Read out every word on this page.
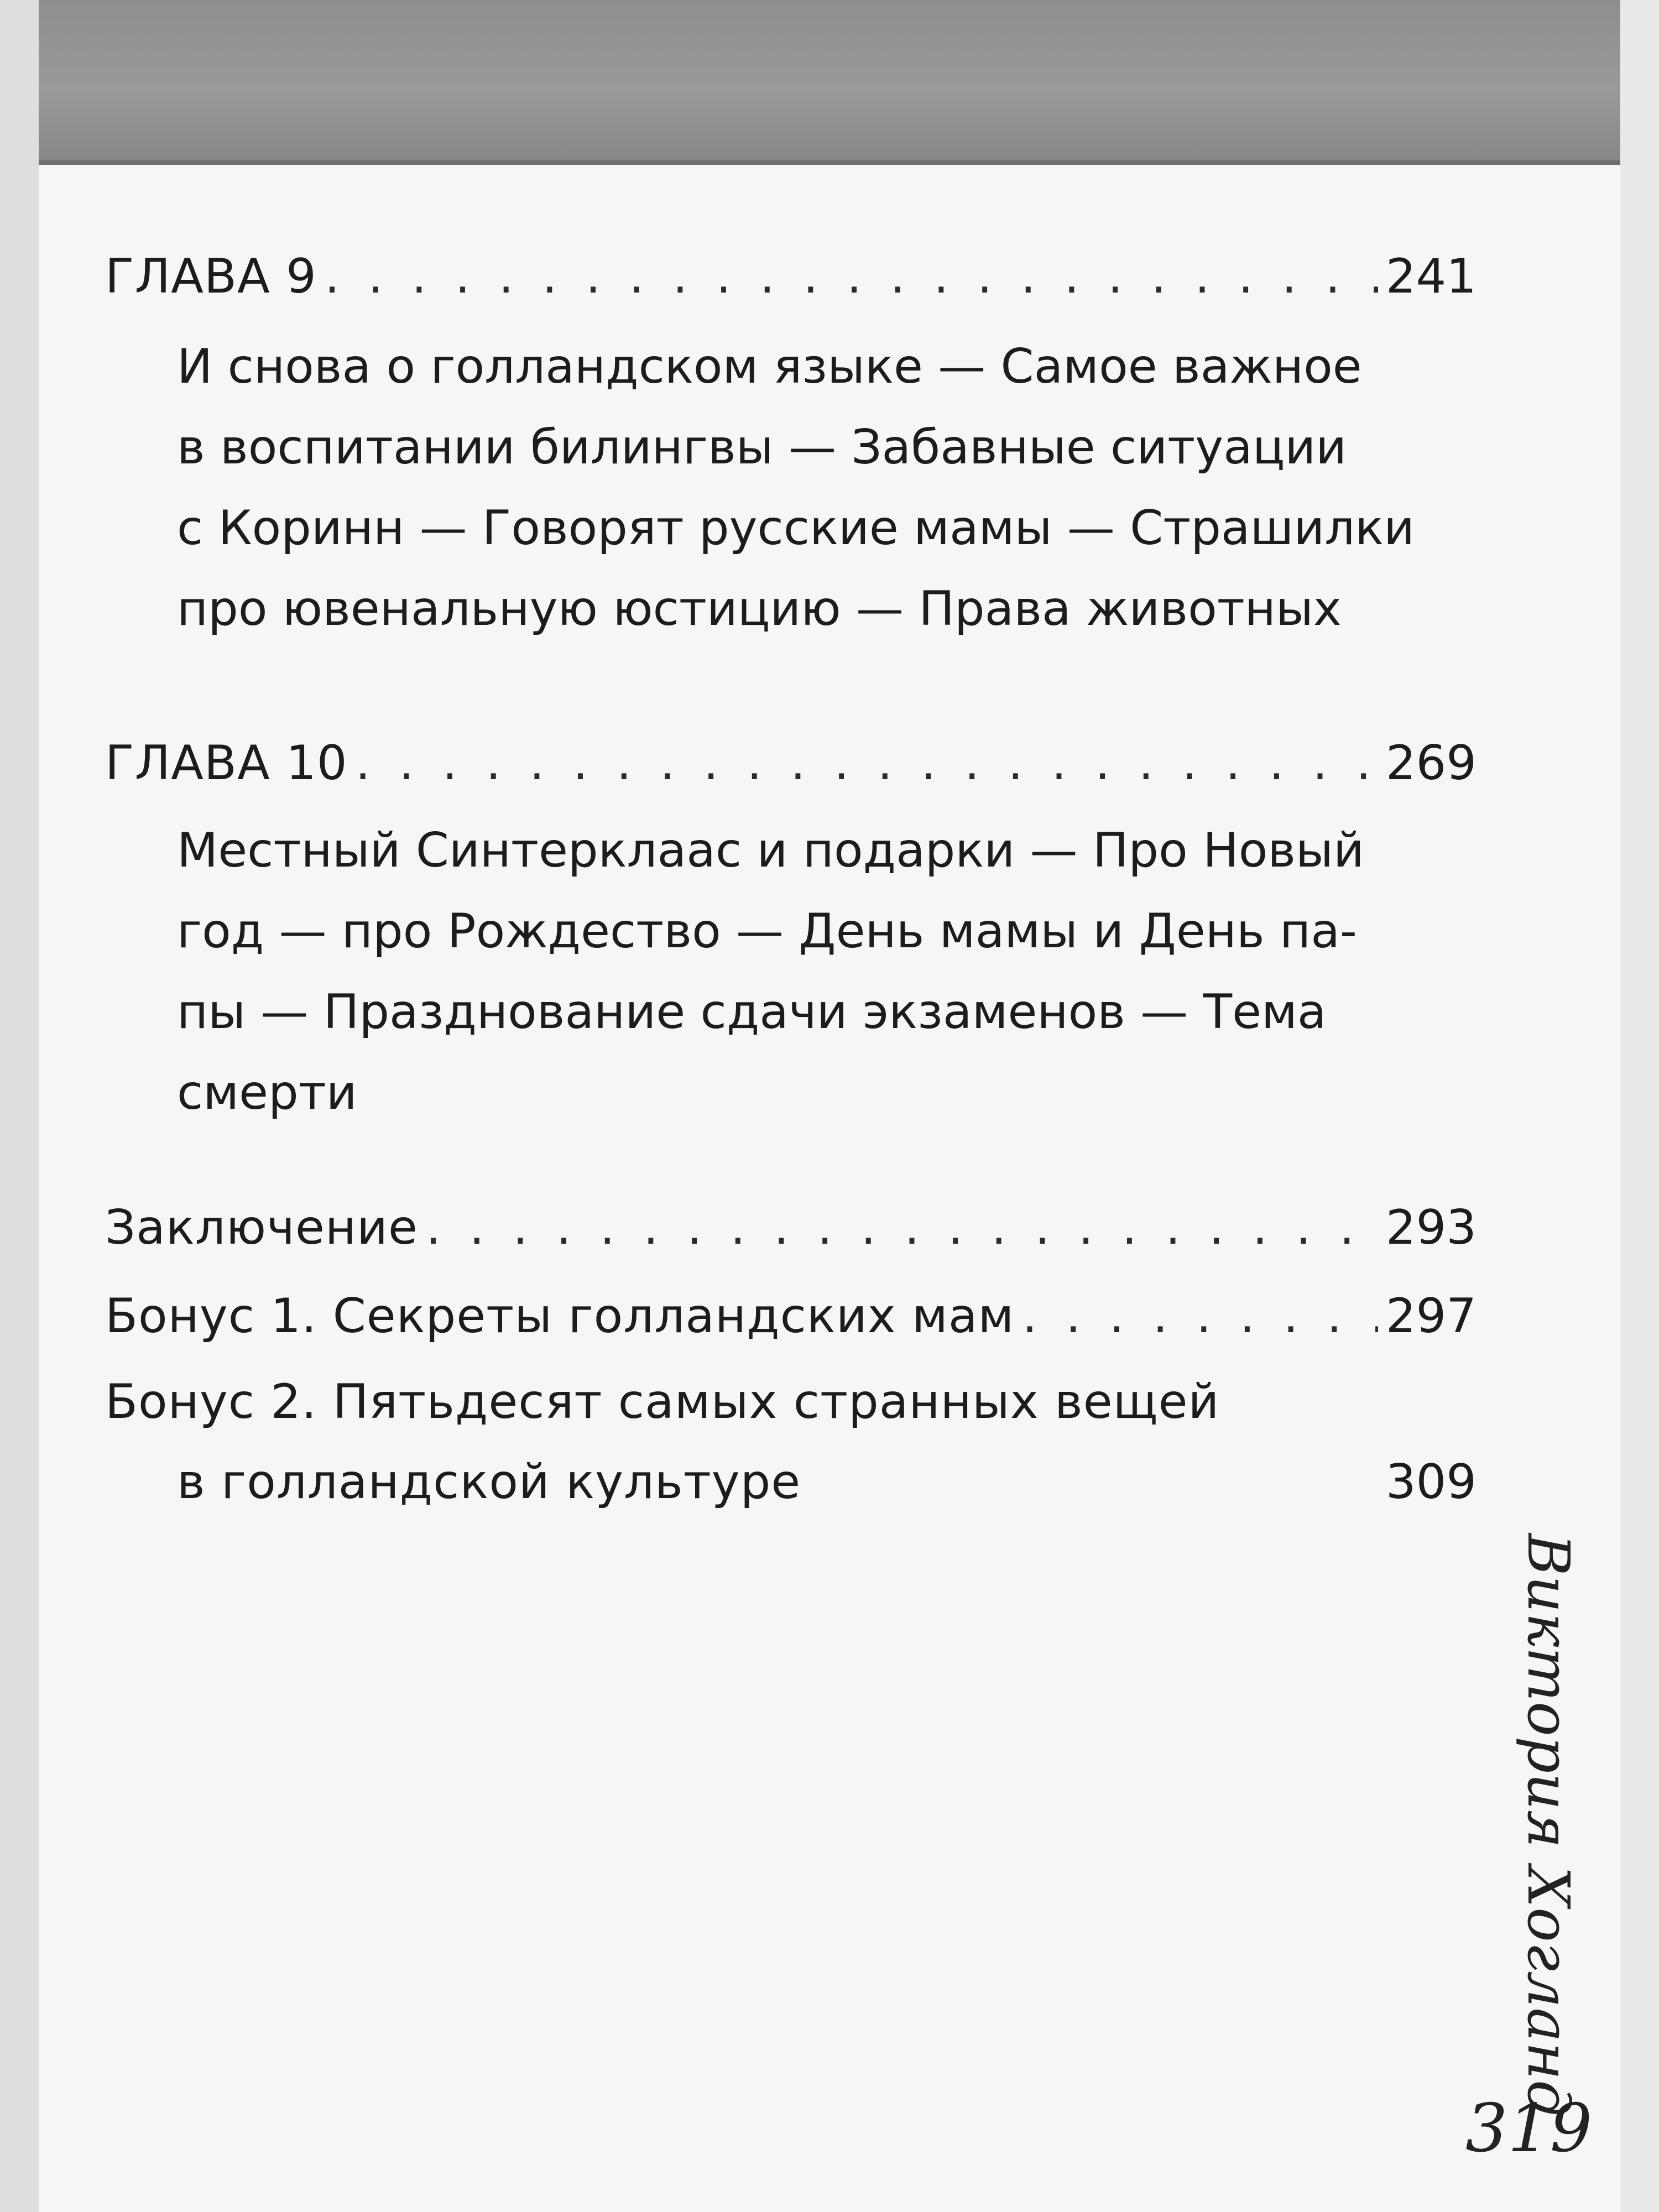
ГЛАВА 9 . . .	241
И снова о голландском языке — Самое важное
в воспитании билингвы — Забавные ситуации
с Коринн — Говорят русские мамы — Страшилки
про ювенальную юстицию — Права животных
ГЛАВА 10 . . .	269
Местный Синтерклаас и подарки — Про Новый
год — про Рождество — День мамы и День па-
пы — Празднование сдачи экзаменов — Тема
смерти
Заключение . . .	293
Бонус 1. Секреты голландских мам . . .	297
Бонус 2. Пятьдесят самых странных вещей
в голландской культуре	309
Виктория Хогланд
319
